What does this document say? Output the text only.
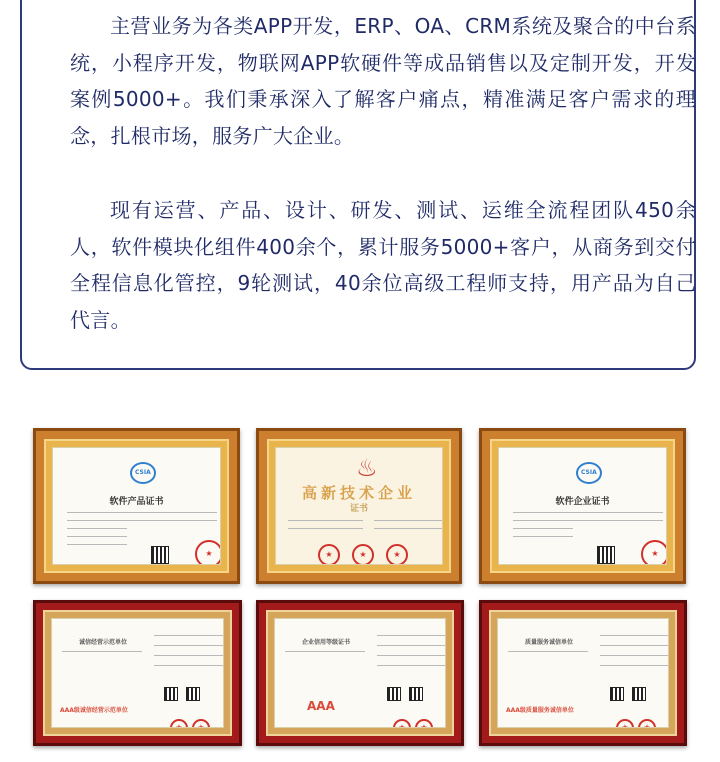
主营业务为各类APP开发，ERP、OA、CRM系统及聚合的中台系统，小程序开发，物联网APP软硬件等成品销售以及定制开发，开发案例5000+。我们秉承深入了解客户痛点，精准满足客户需求的理念，扎根市场，服务广大企业。

现有运营、产品、设计、研发、测试、运维全流程团队450余人，软件模块化组件400余个，累计服务5000+客户，从商务到交付全程信息化管控，9轮测试，40余位高级工程师支持，用产品为自己代言。

CSIA
软件产品证书
★
♨
高新技术企业
证书
★
★
★
CSIA
软件企业证书
★
诚信经营示范单位
AAA级诚信经营示范单位
★
★
企业信用等级证书
AAA
★
★
质量服务诚信单位
AAA级质量服务诚信单位
★
★
